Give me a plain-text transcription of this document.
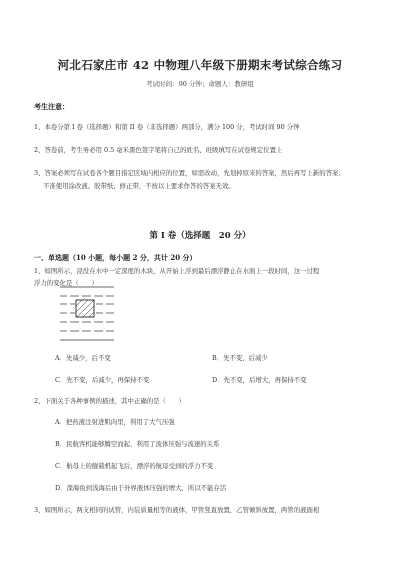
河北石家庄市 42 中物理八年级下册期末考试综合练习
考试时间：90 分钟；命题人：教研组
考生注意：
1、本卷分第 I 卷（选择题）和第 II 卷（非选择题）两部分，满分 100 分，考试时间 90 分钟
2、答卷前，考生务必用 0.5 毫米黑色签字笔将自己的姓名、班级填写在试卷规定位置上
3、答案必须写在试卷各个题目指定区域内相应的位置，如需改动，先划掉原来的答案，然后再写上新的答案；
不准使用涂改液、胶带纸、修正带，不按以上要求作答的答案无效。
第 I 卷（选择题　20 分）
一、单选题（10 小题，每小题 2 分，共计 20 分）
1、如图所示，浸没在水中一定深度的木块，从开始上浮到最后漂浮静止在水面上一段时间，这一过程
浮力的变化是（　　）
A．先减少，后不变	B．先不变，后减少
C．先不变，后减少，再保持不变	D．先不变，后增大，再保持不变
2、下面关于各种事例的描述，其中正确的是（　　）
A．把药液注射进肌肉里，利用了大气压强
B．民航客机能够腾空而起，利用了流体压强与流速的关系
C．航母上的舰载机起飞后，漂浮的航母受到的浮力不变
D．深海鱼到浅海后由于外界液体压强的增大，所以不能存活
3、如图所示，两支相同的试管，内装质量相等的液体，甲管竖直放置，乙管倾斜放置，两管的液面相
